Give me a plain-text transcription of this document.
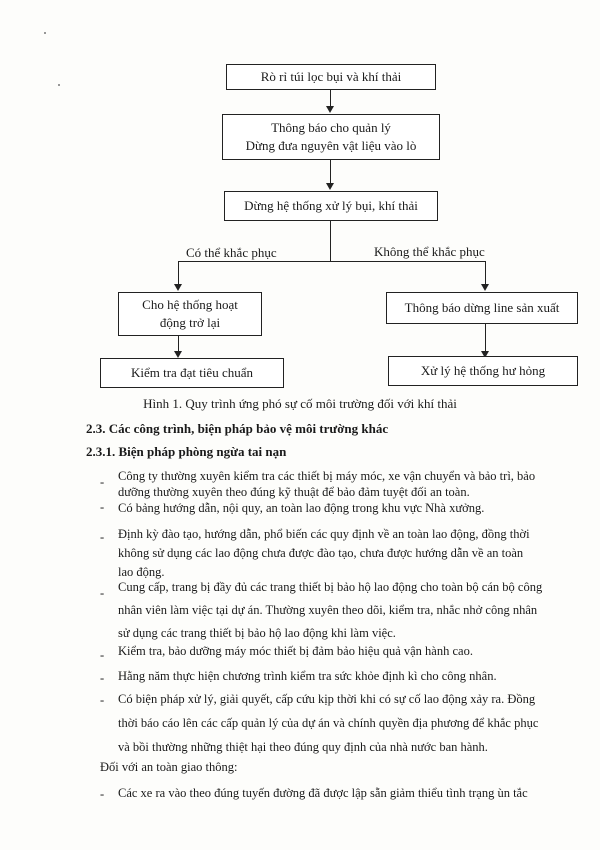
Rò rỉ túi lọc bụi và khí thải
Thông báo cho quản lý
Dừng đưa nguyên vật liệu vào lò
Dừng hệ thống xử lý bụi, khí thải
Có thể khắc phục	Không thể khắc phục
Cho hệ thống hoạt
động trở lại
Thông báo dừng line sản xuất
Kiểm tra đạt tiêu chuẩn	Xử lý hệ thống hư hỏng
Hình 1. Quy trình ứng phó sự cố môi trường đối với khí thải
2.3. Các công trình, biện pháp bảo vệ môi trường khác
2.3.1. Biện pháp phòng ngừa tai nạn
- Công ty thường xuyên kiểm tra các thiết bị máy móc, xe vận chuyển và bảo trì, bảo
dưỡng thường xuyên theo đúng kỹ thuật để bảo đảm tuyệt đối an toàn.
- Có bảng hướng dẫn, nội quy, an toàn lao động trong khu vực Nhà xưởng.
- Định kỳ đào tạo, hướng dẫn, phổ biến các quy định về an toàn lao động, đồng thời
không sử dụng các lao động chưa được đào tạo, chưa được hướng dẫn về an toàn
lao động.
- Cung cấp, trang bị đầy đủ các trang thiết bị bảo hộ lao động cho toàn bộ cán bộ công
nhân viên làm việc tại dự án. Thường xuyên theo dõi, kiểm tra, nhắc nhở công nhân
sử dụng các trang thiết bị bảo hộ lao động khi làm việc.
- Kiểm tra, bảo dưỡng máy móc thiết bị đảm bảo hiệu quả vận hành cao.
- Hằng năm thực hiện chương trình kiểm tra sức khỏe định kì cho công nhân.
- Có biện pháp xử lý, giải quyết, cấp cứu kịp thời khi có sự cố lao động xảy ra. Đồng
thời báo cáo lên các cấp quản lý của dự án và chính quyền địa phương để khắc phục
và bồi thường những thiệt hại theo đúng quy định của nhà nước ban hành.
Đối với an toàn giao thông:
- Các xe ra vào theo đúng tuyến đường đã được lập sẵn giảm thiểu tình trạng ùn tắc
